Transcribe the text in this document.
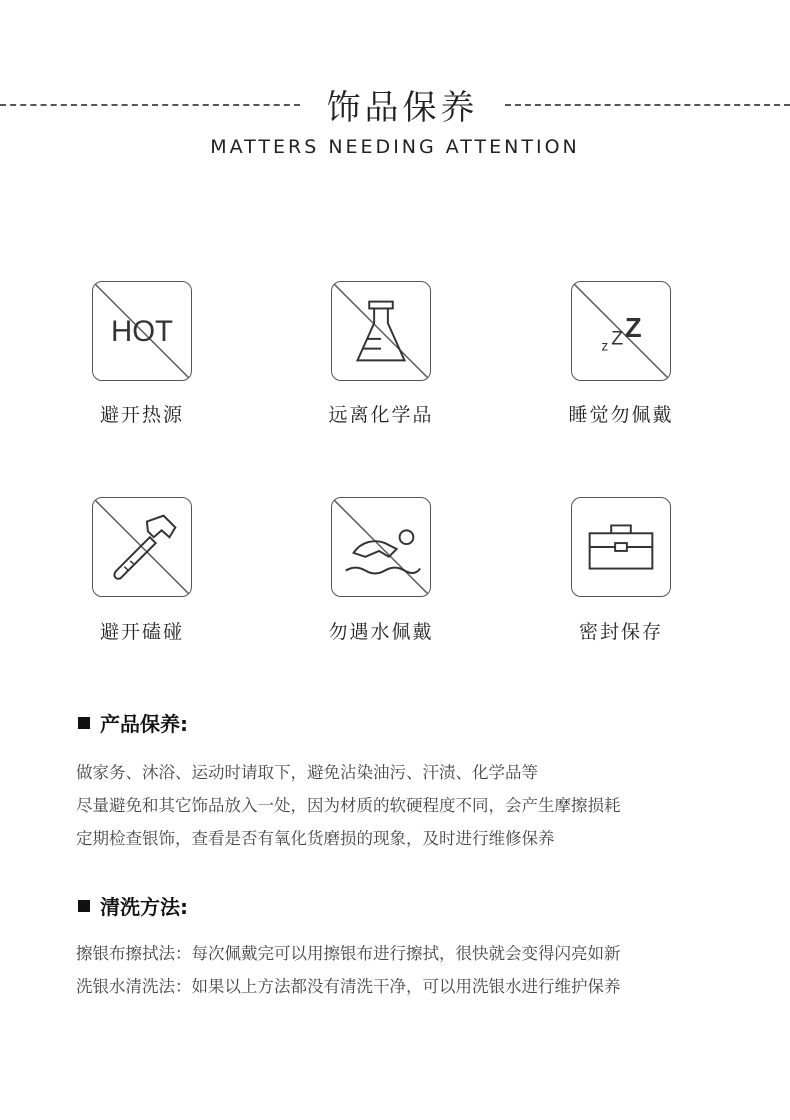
饰品保养
MATTERS NEEDING ATTENTION
HOT
避开热源	远离化学品
z Z Z
睡觉勿佩戴
避开磕碰	勿遇水佩戴	密封保存
产品保养:
做家务、沐浴、运动时请取下，避免沾染油污、汗渍、化学品等
尽量避免和其它饰品放入一处，因为材质的软硬程度不同，会产生摩擦损耗
定期检查银饰，查看是否有氧化货磨损的现象，及时进行维修保养
清洗方法:
擦银布擦拭法：每次佩戴完可以用擦银布进行擦拭，很快就会变得闪亮如新
洗银水清洗法：如果以上方法都没有清洗干净，可以用洗银水进行维护保养
